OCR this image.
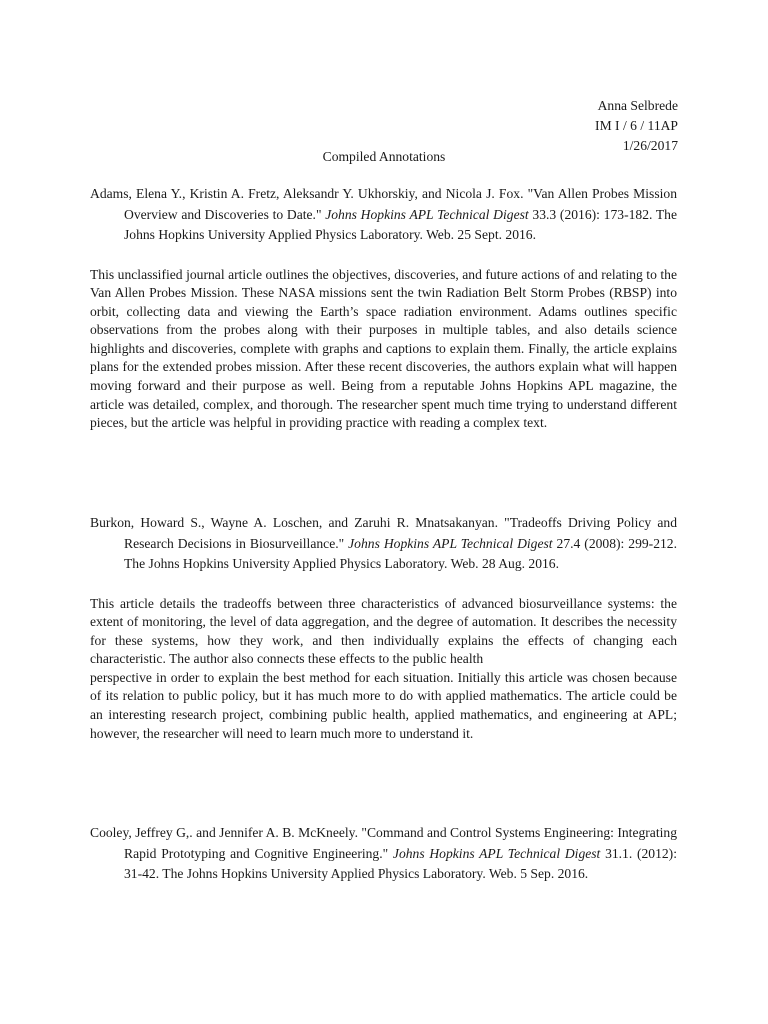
Anna Selbrede
IM I / 6 / 11AP
1/26/2017
Compiled Annotations
Adams, Elena Y., Kristin A. Fretz, Aleksandr Y. Ukhorskiy, and Nicola J. Fox. "Van Allen Probes Mission Overview and Discoveries to Date." Johns Hopkins APL Technical Digest 33.3 (2016): 173-182. The Johns Hopkins University Applied Physics Laboratory. Web. 25 Sept. 2016.
This unclassified journal article outlines the objectives, discoveries, and future actions of and relating to the Van Allen Probes Mission. These NASA missions sent the twin Radiation Belt Storm Probes (RBSP) into orbit, collecting data and viewing the Earth’s space radiation environment. Adams outlines specific observations from the probes along with their purposes in multiple tables, and also details science highlights and discoveries, complete with graphs and captions to explain them. Finally, the article explains plans for the extended probes mission. After these recent discoveries, the authors explain what will happen moving forward and their purpose as well. Being from a reputable Johns Hopkins APL magazine, the article was detailed, complex, and thorough. The researcher spent much time trying to understand different pieces, but the article was helpful in providing practice with reading a complex text.
Burkon, Howard S., Wayne A. Loschen, and Zaruhi R. Mnatsakanyan. "Tradeoffs Driving Policy and Research Decisions in Biosurveillance." Johns Hopkins APL Technical Digest 27.4 (2008): 299-212. The Johns Hopkins University Applied Physics Laboratory. Web. 28 Aug. 2016.
This article details the tradeoffs between three characteristics of advanced biosurveillance systems: the extent of monitoring, the level of data aggregation, and the degree of automation. It describes the necessity for these systems, how they work, and then individually explains the effects of changing each characteristic. The author also connects these effects to the public health
perspective in order to explain the best method for each situation. Initially this article was chosen because of its relation to public policy, but it has much more to do with applied mathematics. The article could be an interesting research project, combining public health, applied mathematics, and engineering at APL; however, the researcher will need to learn much more to understand it.
Cooley, Jeffrey G,. and Jennifer A. B. McKneely. "Command and Control Systems Engineering: Integrating Rapid Prototyping and Cognitive Engineering." Johns Hopkins APL Technical Digest 31.1. (2012): 31-42. The Johns Hopkins University Applied Physics Laboratory. Web. 5 Sep. 2016.
